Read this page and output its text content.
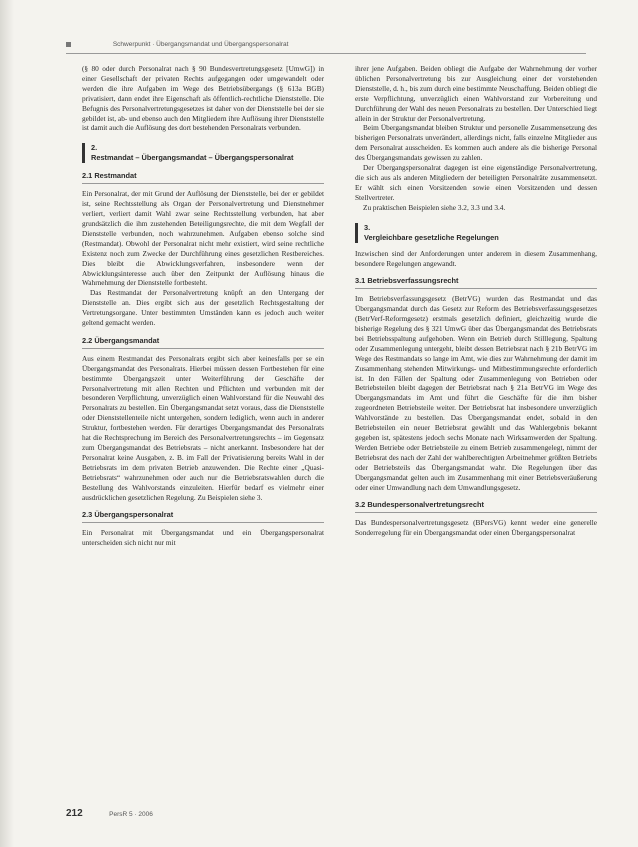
Schwerpunkt · Übergangsmandat und Übergangspersonalrat

(§ 80 oder durch Personalrat nach § 90 Bundesvertretungsgesetz [UmwG]) in einer Gesellschaft der privaten Rechts aufgegangen oder umgewandelt oder werden die ihre Aufgaben im Wege des Betriebsübergangs (§ 613a BGB) privatisiert, dann endet ihre Eigenschaft als öffentlich-rechtliche Dienststelle. Die Befugnis des Personalvertretungsgesetzes ist daher von der Dienststelle bei der sie gebildet ist, ab- und ebenso auch den Mitgliedern ihre Auflösung ihrer Dienststelle ist damit auch die Auflösung des dort bestehenden Personalrats verbunden.

2.
Restmandat – Übergangsmandat – Übergangspersonalrat
2.1 Restmandat

Ein Personalrat, der mit Grund der Auflösung der Dienststelle, bei der er gebildet ist, seine Rechtsstellung als Organ der Personalvertretung und Dienstnehmer verliert, verliert damit Wahl zwar seine Rechtsstellung verbunden, hat aber grundsätzlich die ihm zustehenden Beteiligungsrechte, die mit dem Wegfall der Dienststelle verbunden, noch wahrzunehmen. Aufgaben ebenso solche sind (Restmandat). Obwohl der Personalrat nicht mehr existiert, wird seine rechtliche Existenz noch zum Zwecke der Durchführung eines gesetzlichen Restbereiches. Dies bleibt die Abwicklungsverfahren, insbesondere wenn der Abwicklungsinteresse auch über den Zeitpunkt der Auflösung hinaus die Wahrnehmung der Dienststelle fortbesteht.

Das Restmandat der Personalvertretung knüpft an den Untergang der Dienststelle an. Dies ergibt sich aus der gesetzlich Rechtsgestaltung der Vertretungsorgane. Unter bestimmten Umständen kann es jedoch auch weiter geltend gemacht werden.

2.2 Übergangsmandat

Aus einem Restmandat des Personalrats ergibt sich aber keinesfalls per se ein Übergangsmandat des Personalrats. Hierbei müssen dessen Fortbestehen für eine bestimmte Übergangszeit unter Weiterführung der Geschäfte der Personalvertretung mit allen Rechten und Pflichten und verbunden mit der besonderen Verpflichtung, unverzüglich einen Wahlvorstand für die Neuwahl des Personalrats zu bestellen. Ein Übergangsmandat setzt voraus, dass die Dienststelle oder Dienststellenteile nicht untergehen, sondern lediglich, wenn auch in anderer Struktur, fortbestehen werden. Für derartiges Übergangsmandat des Personalrats hat die Rechtsprechung im Bereich des Personalvertretungsrechts – im Gegensatz zum Übergangsmandat des Betriebsrats – nicht anerkannt. Insbesondere hat der Personalrat keine Ausgaben, z. B. im Fall der Privatisierung bereits Wahl in der Betriebsrats im dem privaten Betrieb anzuwenden. Die Rechte einer „Quasi-Betriebsrats“ wahrzunehmen oder auch nur die Betriebsratswahlen durch die Bestellung des Wahlvorstands einzuleiten. Hierfür bedarf es vielmehr einer ausdrücklichen gesetzlichen Regelung. Zu Beispielen siehe 3.

2.3 Übergangspersonalrat

Ein Personalrat mit Übergangsmandat und ein Übergangspersonalrat unterscheiden sich nicht nur mit

ihrer jene Aufgaben. Beiden obliegt die Aufgabe der Wahrnehmung der vorher üblichen Personalvertretung bis zur Ausgleichung einer der vorstehenden Dienststelle, d. h., bis zum durch eine bestimmte Neuschaffung. Beiden obliegt die erste Verpflichtung, unverzüglich einen Wahlvorstand zur Vorbereitung und Durchführung der Wahl des neuen Personalrats zu bestellen. Der Unterschied liegt allein in der Struktur der Personalvertretung.

Beim Übergangsmandat bleiben Struktur und personelle Zusammensetzung des bisherigen Personalrats unverändert, allerdings nicht, falls einzelne Mitglieder aus dem Personalrat ausscheiden. Es kommen auch andere als die bisherige Personal des Übergangsmandats gewissen zu zahlen.

Der Übergangspersonalrat dagegen ist eine eigenständige Personalvertretung, die sich aus als anderen Mitgliedern der beteiligten Personalräte zusammensetzt. Er wählt sich einen Vorsitzenden sowie einen Vorsitzenden und dessen Stellvertreter.

Zu praktischen Beispielen siehe 3.2, 3.3 und 3.4.

3.
Vergleichbare gesetzliche Regelungen

Inzwischen sind der Anforderungen unter anderem in diesem Zusammenhang, besondere Regelungen angewandt.

3.1 Betriebsverfassungsrecht

Im Betriebsverfassungsgesetz (BetrVG) wurden das Restmandat und das Übergangsmandat durch das Gesetz zur Reform des Betriebsverfassungsgesetzes (BetrVerf-Reformgesetz) erstmals gesetzlich definiert, gleichzeitig wurde die bisherige Regelung des § 321 UmwG über das Übergangsmandat des Betriebsrats bei Betriebsspaltung aufgehoben. Wenn ein Betrieb durch Stilllegung, Spaltung oder Zusammenlegung untergeht, bleibt dessen Betriebsrat nach § 21b BetrVG im Wege des Restmandats so lange im Amt, wie dies zur Wahrnehmung der damit im Zusammenhang stehenden Mitwirkungs- und Mitbestimmungsrechte erforderlich ist. In den Fällen der Spaltung oder Zusammenlegung von Betrieben oder Betriebsteilen bleibt dagegen der Betriebsrat nach § 21a BetrVG im Wege des Übergangsmandats im Amt und führt die Geschäfte für die ihm bisher zugeordneten Betriebsteile weiter. Der Betriebsrat hat insbesondere unverzüglich Wahlvorstände zu bestellen. Das Übergangsmandat endet, sobald in den Betriebsteilen ein neuer Betriebsrat gewählt und das Wahlergebnis bekannt gegeben ist, spätestens jedoch sechs Monate nach Wirksamwerden der Spaltung. Werden Betriebe oder Betriebsteile zu einem Betrieb zusammengelegt, nimmt der Betriebsrat des nach der Zahl der wahlberechtigten Arbeitnehmer größten Betriebs oder Betriebsteils das Übergangsmandat wahr. Die Regelungen über das Übergangsmandat gelten auch im Zusammenhang mit einer Betriebsveräußerung oder einer Umwandlung nach dem Umwandlungsgesetz.

3.2 Bundespersonalvertretungsrecht

Das Bundespersonalvertretungsgesetz (BPersVG) kennt weder eine generelle Sonderregelung für ein Übergangsmandat oder einen Übergangspersonalrat

212	PersR 5 · 2006
